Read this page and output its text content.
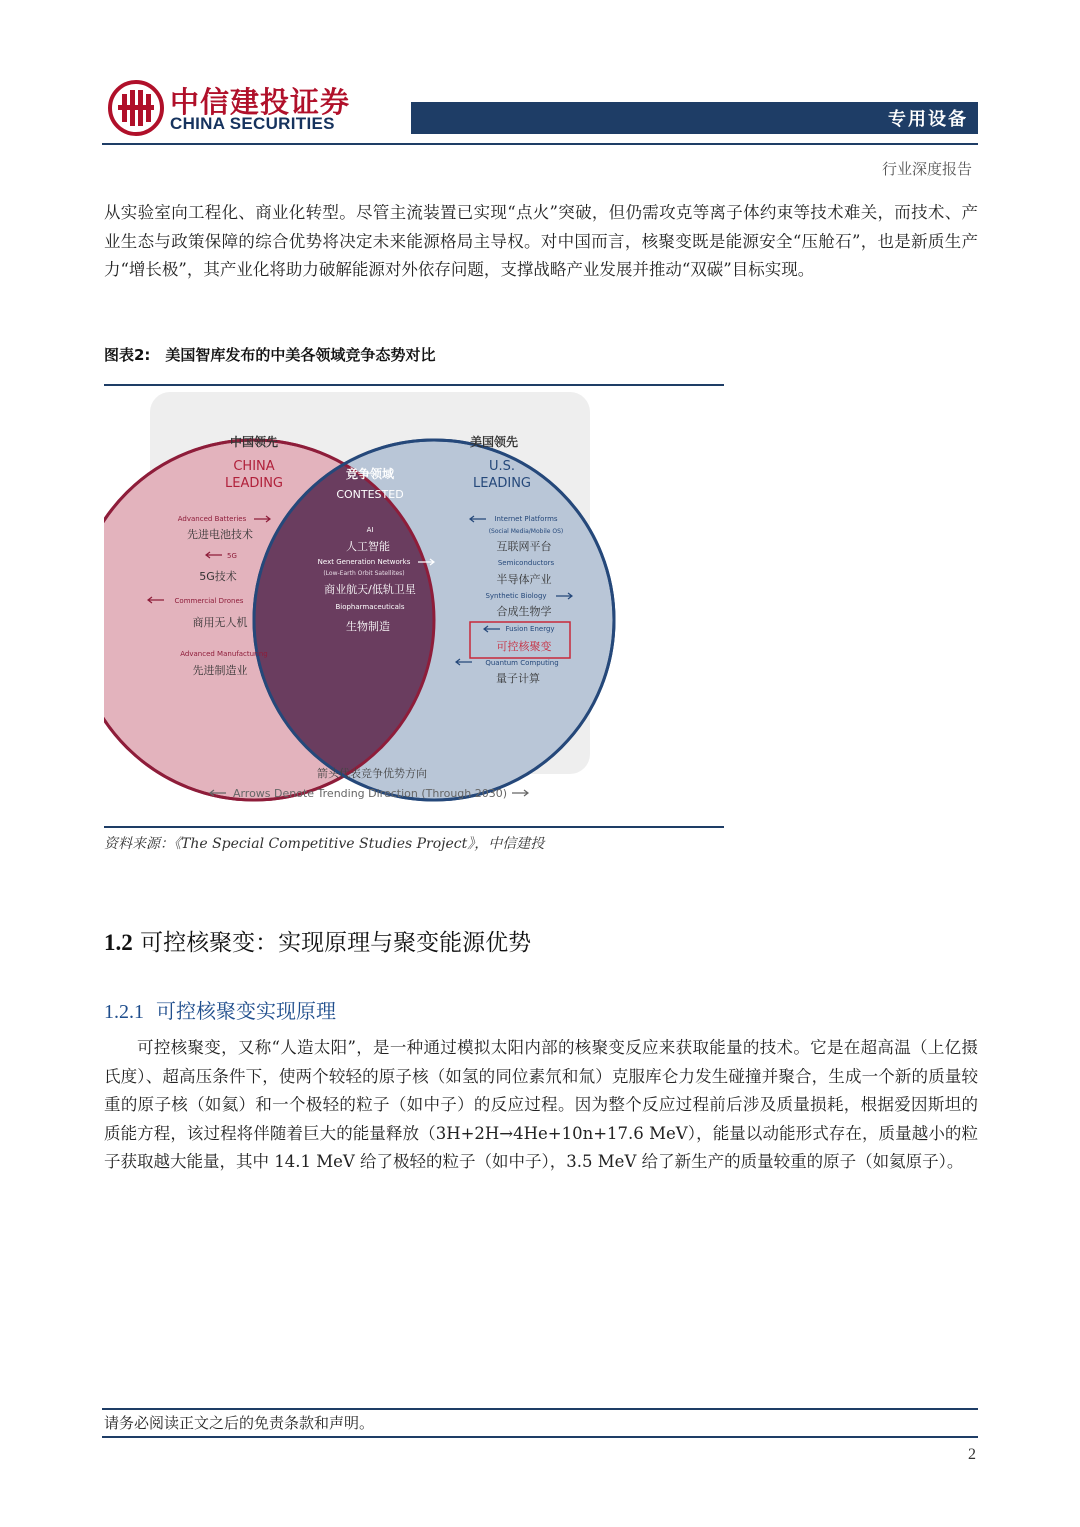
中信建投证券
CHINA SECURITIES	专用设备
行业深度报告
从实验室向工程化、商业化转型。尽管主流装置已实现“点火”突破，但仍需攻克等离子体约束等技术难关，而技术、产业生态与政策保障的综合优势将决定未来能源格局主导权。对中国而言，核聚变既是能源安全“压舱石”，也是新质生产力“增长极”，其产业化将助力破解能源对外依存问题，支撑战略产业发展并推动“双碳”目标实现。
图表2:　美国智库发布的中美各领域竞争态势对比
中国领先
CHINA
LEADING
Advanced Batteries
先进电池技术
5G
5G技术
Commercial Drones
商用无人机
Advanced Manufacturing
先进制造业
竞争领域
CONTESTED
AI
人工智能
Next Generation Networks
(Low-Earth Orbit Satellites)
商业航天/低轨卫星
Biopharmaceuticals
生物制造
美国领先
U.S.
LEADING
Internet Platforms
(Social Media/Mobile OS)
互联网平台
Semiconductors
半导体产业
Synthetic Biology
合成生物学
Fusion Energy
可控核聚变
Quantum Computing
量子计算
箭头代表竞争优势方向
Arrows Denote Trending Direction (Through 2030)
资料来源：《The Special Competitive Studies Project》，中信建投
1.2 可控核聚变：实现原理与聚变能源优势
1.2.1 可控核聚变实现原理
可控核聚变，又称“人造太阳”，是一种通过模拟太阳内部的核聚变反应来获取能量的技术。它是在超高温（上亿摄氏度）、超高压条件下，使两个较轻的原子核（如氢的同位素氘和氚）克服库仑力发生碰撞并聚合，生成一个新的质量较重的原子核（如氦）和一个极轻的粒子（如中子）的反应过程。因为整个反应过程前后涉及质量损耗，根据爱因斯坦的质能方程，该过程将伴随着巨大的能量释放（3H+2H→4He+10n+17.6 MeV），能量以动能形式存在，质量越小的粒子获取越大能量，其中 14.1 MeV 给了极轻的粒子（如中子），3.5 MeV 给了新生产的质量较重的原子（如氦原子）。
请务必阅读正文之后的免责条款和声明。
2
